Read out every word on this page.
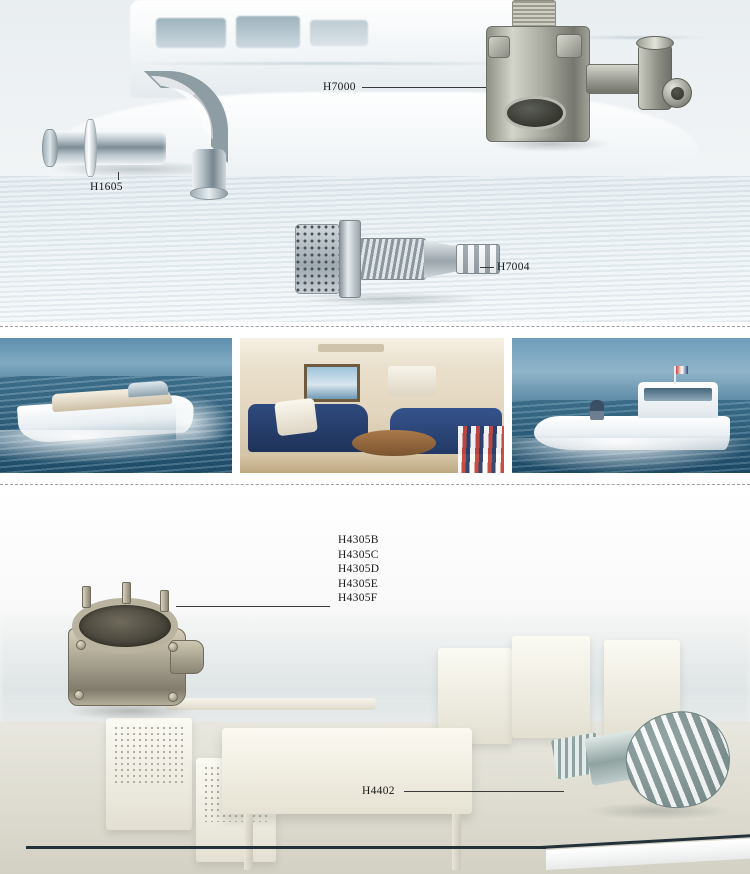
H1605
H7000
H7004
H4305B
H4305C
H4305D
H4305E
H4305F
H4402
